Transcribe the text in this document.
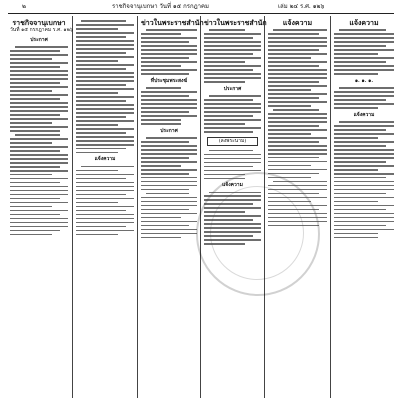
๒	ราชกิจจานุเบกษา วันที่ ๑๕ กรกฎาคม	เล่ม ๒๔ ร.ศ. ๑๒๖
ราชกิจจานุเบกษา
วันที่ ๑๕ กรกฎาคม ร.ศ. ๑๒๖
ประกาศ
แจ้งความ
ข่าวในพระราชสำนัก
ที่ประชุมพระสงฆ์
ประกาศ
ข่าวในพระราชสำนัก
ประกาศ
(ลงพระนาม)
แจ้งความ
แจ้งความ	แจ้งความ
๑. ๑. ๑.
แจ้งความ
